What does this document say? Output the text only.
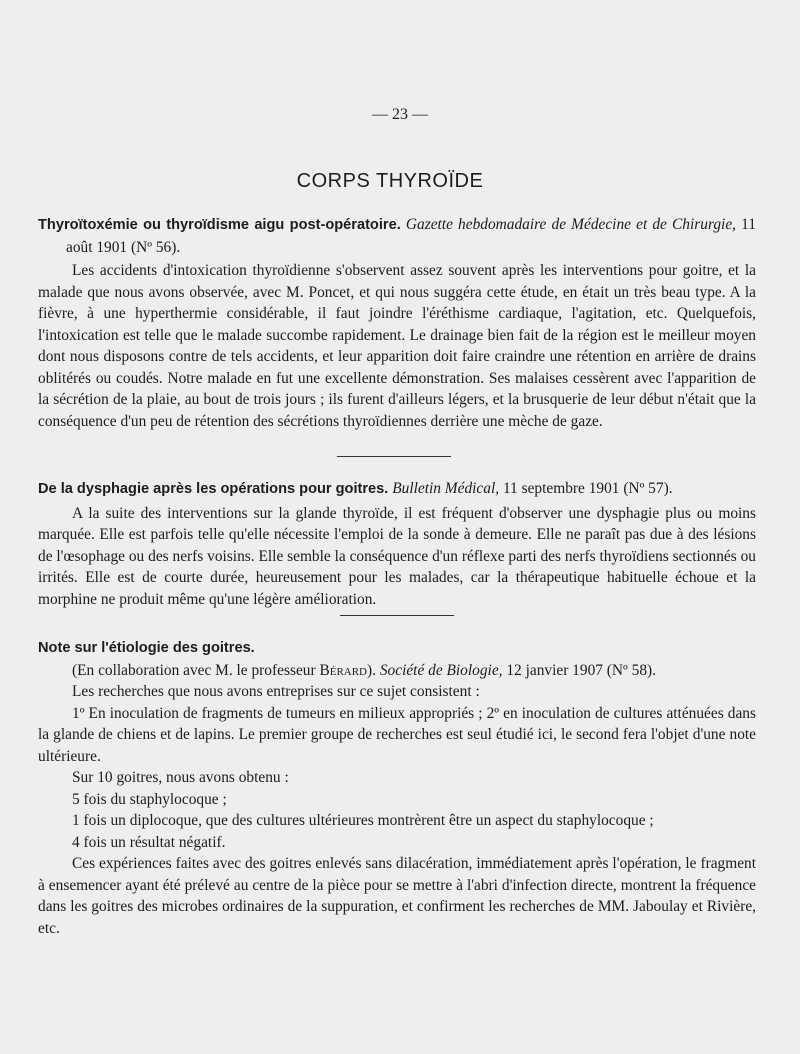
— 23 —
CORPS THYROÏDE

Thyroïtoxémie ou thyroïdisme aigu post-opératoire. Gazette hebdomadaire de Médecine et de Chirurgie, 11 août 1901 (Nº 56).

Les accidents d'intoxication thyroïdienne s'observent assez souvent après les interventions pour goitre, et la malade que nous avons observée, avec M. Poncet, et qui nous suggéra cette étude, en était un très beau type. A la fièvre, à une hyperthermie considérable, il faut joindre l'éréthisme cardiaque, l'agitation, etc. Quelquefois, l'intoxication est telle que le malade succombe rapidement. Le drainage bien fait de la région est le meilleur moyen dont nous disposons contre de tels accidents, et leur apparition doit faire craindre une rétention en arrière de drains oblitérés ou coudés. Notre malade en fut une excellente démonstration. Ses malaises cessèrent avec l'apparition de la sécrétion de la plaie, au bout de trois jours ; ils furent d'ailleurs légers, et la brusquerie de leur début n'était que la conséquence d'un peu de rétention des sécrétions thyroïdiennes derrière une mèche de gaze.

De la dysphagie après les opérations pour goitres. Bulletin Médical, 11 septembre 1901 (Nº 57).

A la suite des interventions sur la glande thyroïde, il est fréquent d'observer une dysphagie plus ou moins marquée. Elle est parfois telle qu'elle nécessite l'emploi de la sonde à demeure. Elle ne paraît pas due à des lésions de l'œsophage ou des nerfs voisins. Elle semble la conséquence d'un réflexe parti des nerfs thyroïdiens sectionnés ou irrités. Elle est de courte durée, heureusement pour les malades, car la thérapeutique habituelle échoue et la morphine ne produit même qu'une légère amélioration.

Note sur l'étiologie des goitres.

(En collaboration avec M. le professeur Bérard). Société de Biologie, 12 janvier 1907 (Nº 58).

Les recherches que nous avons entreprises sur ce sujet consistent :

1º En inoculation de fragments de tumeurs en milieux appropriés ; 2º en inoculation de cultures atténuées dans la glande de chiens et de lapins. Le premier groupe de recherches est seul étudié ici, le second fera l'objet d'une note ultérieure.

Sur 10 goitres, nous avons obtenu :

5 fois du staphylocoque ;

1 fois un diplocoque, que des cultures ultérieures montrèrent être un aspect du staphylocoque ;

4 fois un résultat négatif.

Ces expériences faites avec des goitres enlevés sans dilacération, immédiatement après l'opération, le fragment à ensemencer ayant été prélevé au centre de la pièce pour se mettre à l'abri d'infection directe, montrent la fréquence dans les goitres des microbes ordinaires de la suppuration, et confirment les recherches de MM. Jaboulay et Rivière, etc.
